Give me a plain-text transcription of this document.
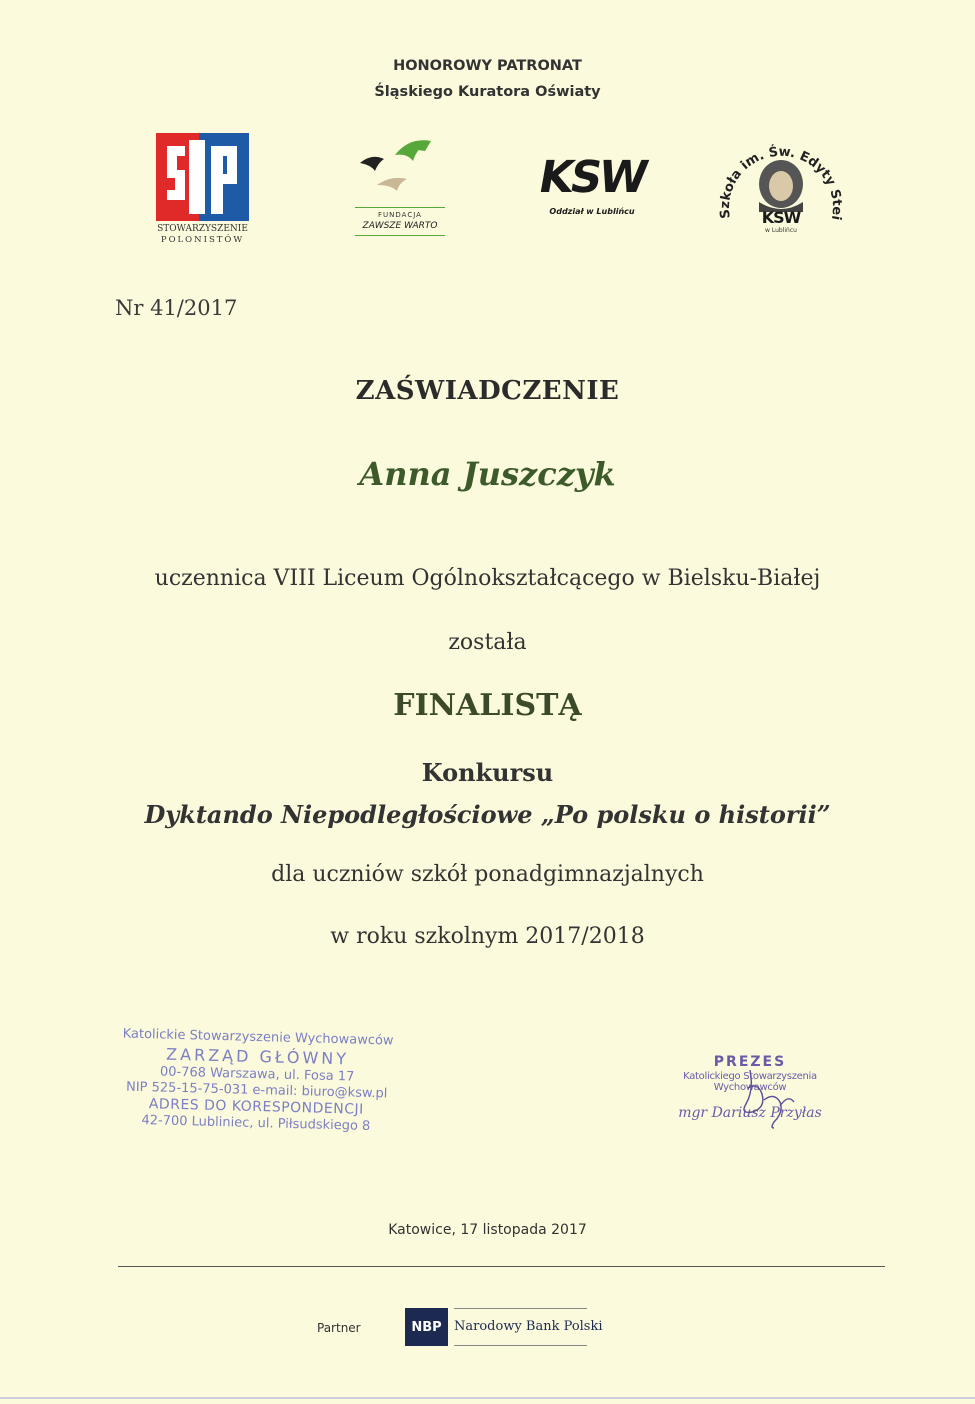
HONOROWY PATRONAT
Śląskiego Kuratora Oświaty
STOWARZYSZENIE
POLONISTÓW
FUNDACJA
ZAWSZE WARTO
KSW
Oddział w Lublińcu	Szkoła im. Św. Edyty Stei
KSW
w Lublińcu
Nr 41/2017
ZAŚWIADCZENIE
Anna Juszczyk
uczennica VIII Liceum Ogólnokształcącego w Bielsku-Białej
została
FINALISTĄ
Konkursu
Dyktando Niepodległościowe „Po polsku o historii”
dla uczniów szkół ponadgimnazjalnych
w roku szkolnym 2017/2018
Katolickie Stowarzyszenie Wychowawców
ZARZĄD GŁÓWNY
00-768 Warszawa, ul. Fosa 17
NIP 525-15-75-031 e-mail: biuro@ksw.pl
ADRES DO KORESPONDENCJI
42-700 Lubliniec, ul. Piłsudskiego 8
PREZES
Katolickiego Stowarzyszenia Wychowawców
mgr Dariusz Przyłas
Katowice, 17 listopada 2017
Partner	NBP Narodowy Bank Polski
